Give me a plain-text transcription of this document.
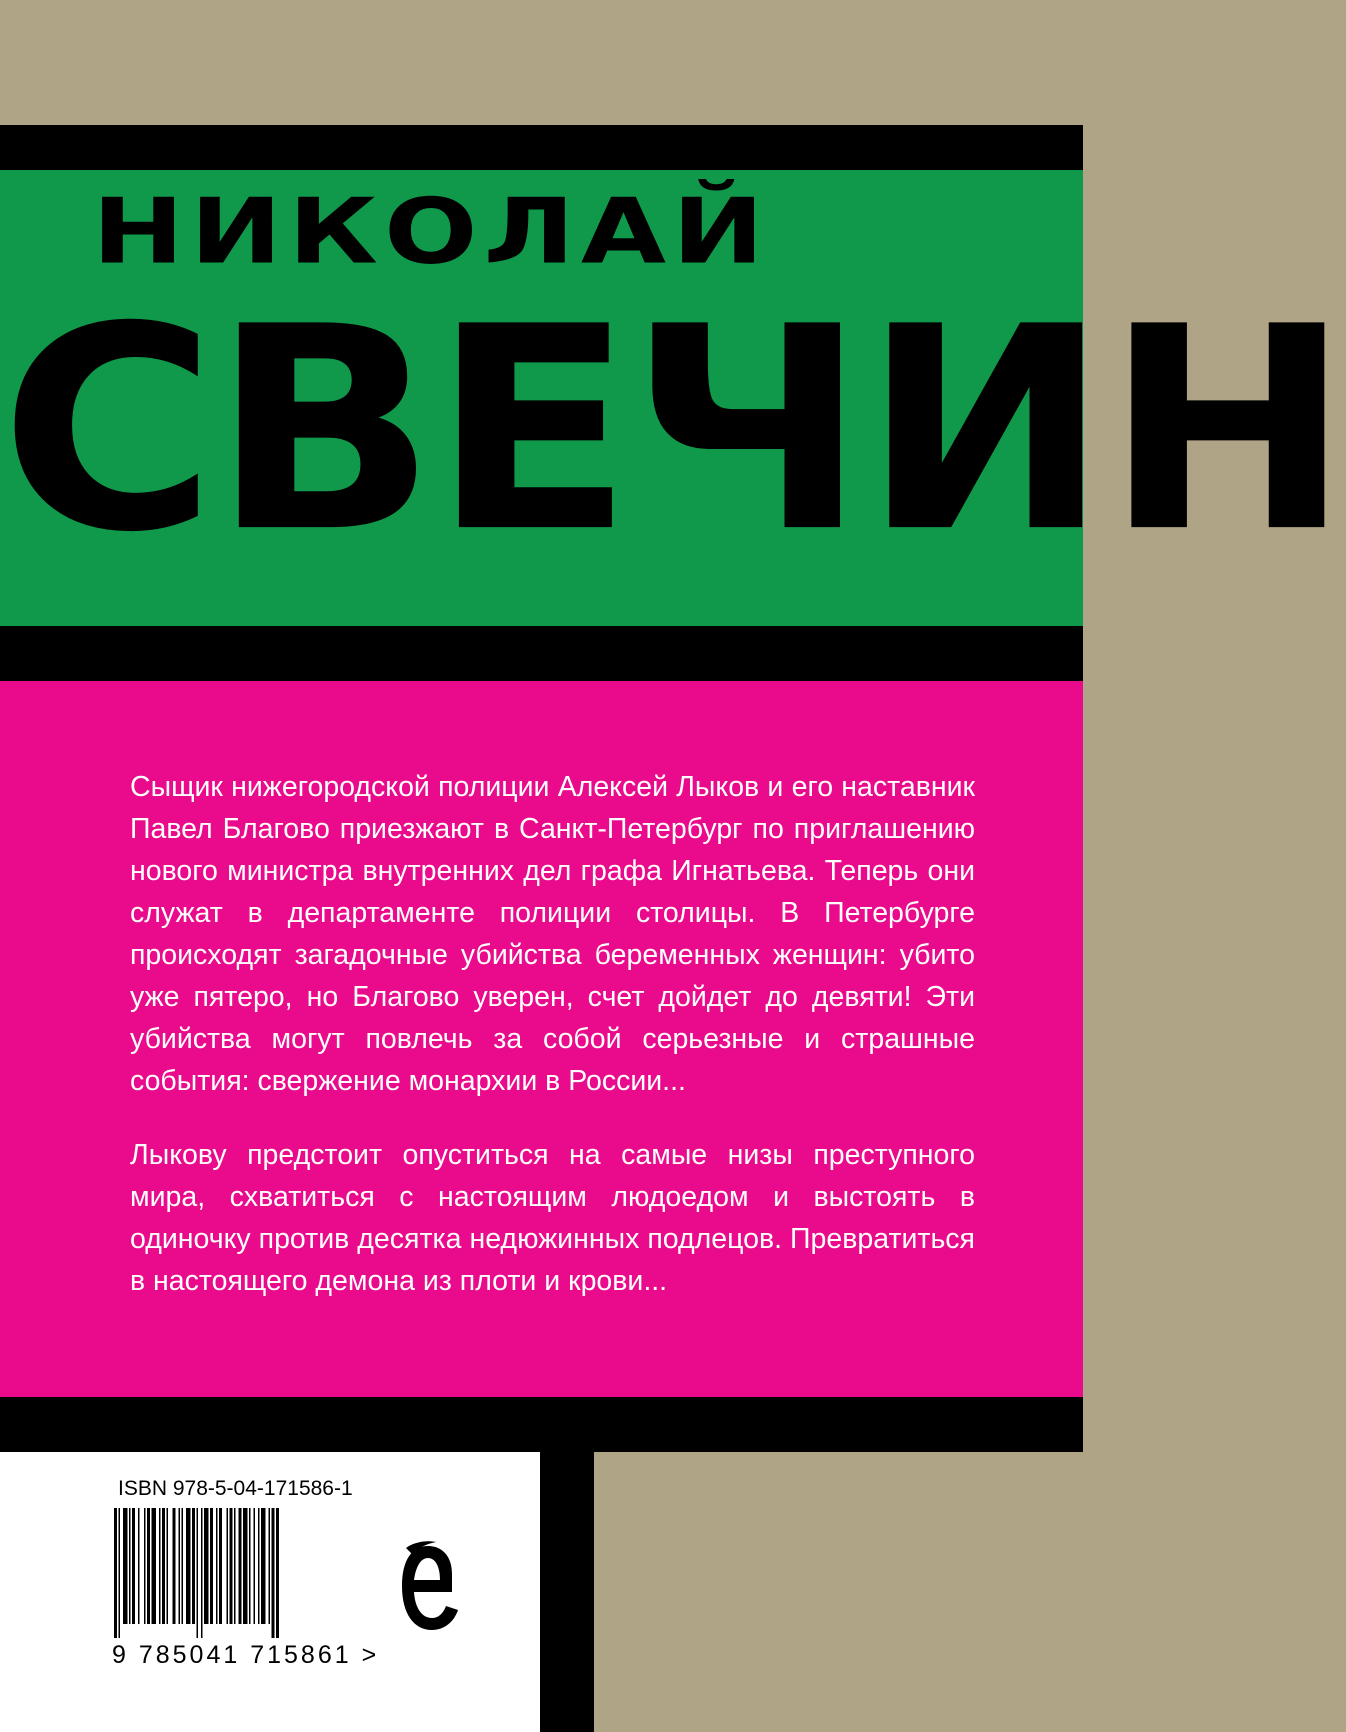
НИКОЛАЙ
СВЕЧИН

Сыщик нижегородской полиции Алексей Лыков и его наставник Павел Благово приезжают в Санкт-Петербург по приглашению нового министра внутренних дел графа Игнатьева. Теперь они служат в департаменте полиции столицы. В Петербурге происходят загадочные убийства беременных женщин: убито уже пятеро, но Благово уверен, счет дойдет до девяти! Эти убийства могут повлечь за собой серьезные и страшные события: свержение монархии в России...

Лыкову предстоит опуститься на самые низы преступного мира, схватиться с настоящим людоедом и выстоять в одиночку против десятка недюжинных подлецов. Превратиться в настоящего демона из плоти и крови...

ISBN 978-5-04-171586-1
9 785041 715861 >
